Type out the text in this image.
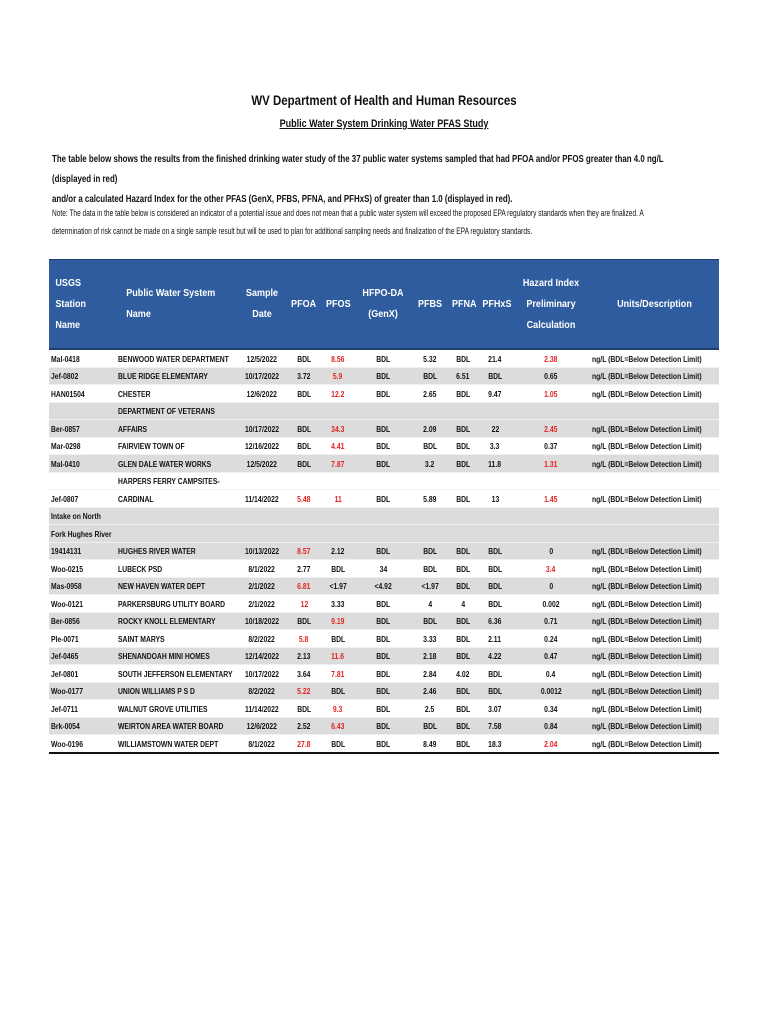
WV Department of Health and Human Resources
Public Water System Drinking Water PFAS Study
The table below shows the results from the finished drinking water study of the 37 public water systems sampled that had PFOA and/or PFOS greater than 4.0 ng/L (displayed in red)
and/or a calculated Hazard Index for the other PFAS (GenX, PFBS, PFNA, and PFHxS) of greater than 1.0 (displayed in red).
Note: The data in the table below is considered an indicator of a potential issue and does not mean that a public water system will exceed the proposed EPA regulatory standards when they are finalized. A
determination of risk cannot be made on a single sample result but will be used to plan for additional sampling needs and finalization of the EPA regulatory standards.
USGS Station Name	Public Water System Name	Sample Date	PFOA	PFOS	HFPO-DA (GenX)	PFBS	PFNA	PFHxS	Hazard Index Preliminary Calculation	Units/Description
Mal-0418	BENWOOD WATER DEPARTMENT	12/5/2022	BDL	8.56	BDL	5.32	BDL	21.4	2.38	ng/L (BDL=Below Detection Limit)
Jef-0802	BLUE RIDGE ELEMENTARY	10/17/2022	3.72	5.9	BDL	BDL	6.51	BDL	0.65	ng/L (BDL=Below Detection Limit)
HAN01504	CHESTER	12/6/2022	BDL	12.2	BDL	2.65	BDL	9.47	1.05	ng/L (BDL=Below Detection Limit)
	DEPARTMENT OF VETERANS									
Ber-0857	AFFAIRS	10/17/2022	BDL	34.3	BDL	2.09	BDL	22	2.45	ng/L (BDL=Below Detection Limit)
Mar-0298	FAIRVIEW TOWN OF	12/16/2022	BDL	4.41	BDL	BDL	BDL	3.3	0.37	ng/L (BDL=Below Detection Limit)
Mal-0410	GLEN DALE WATER WORKS	12/5/2022	BDL	7.87	BDL	3.2	BDL	11.8	1.31	ng/L (BDL=Below Detection Limit)
	HARPERS FERRY CAMPSITES-									
Jef-0807	CARDINAL	11/14/2022	5.48	11	BDL	5.89	BDL	13	1.45	ng/L (BDL=Below Detection Limit)
Intake on North										
Fork Hughes River										
19414131	HUGHES RIVER WATER	10/13/2022	8.57	2.12	BDL	BDL	BDL	BDL	0	ng/L (BDL=Below Detection Limit)
Woo-0215	LUBECK PSD	8/1/2022	2.77	BDL	34	BDL	BDL	BDL	3.4	ng/L (BDL=Below Detection Limit)
Mas-0958	NEW HAVEN WATER DEPT	2/1/2022	6.81	<1.97	<4.92	<1.97	BDL	BDL	0	ng/L (BDL=Below Detection Limit)
Woo-0121	PARKERSBURG UTILITY BOARD	2/1/2022	12	3.33	BDL	4	4	BDL	0.002	ng/L (BDL=Below Detection Limit)
Ber-0856	ROCKY KNOLL ELEMENTARY	10/18/2022	BDL	9.19	BDL	BDL	BDL	6.36	0.71	ng/L (BDL=Below Detection Limit)
Ple-0071	SAINT MARYS	8/2/2022	5.8	BDL	BDL	3.33	BDL	2.11	0.24	ng/L (BDL=Below Detection Limit)
Jef-0465	SHENANDOAH MINI HOMES	12/14/2022	2.13	11.6	BDL	2.18	BDL	4.22	0.47	ng/L (BDL=Below Detection Limit)
Jef-0801	SOUTH JEFFERSON ELEMENTARY	10/17/2022	3.64	7.81	BDL	2.84	4.02	BDL	0.4	ng/L (BDL=Below Detection Limit)
Woo-0177	UNION WILLIAMS P S D	8/2/2022	5.22	BDL	BDL	2.46	BDL	BDL	0.0012	ng/L (BDL=Below Detection Limit)
Jef-0711	WALNUT GROVE UTILITIES	11/14/2022	BDL	9.3	BDL	2.5	BDL	3.07	0.34	ng/L (BDL=Below Detection Limit)
Brk-0054	WEIRTON AREA WATER BOARD	12/6/2022	2.52	6.43	BDL	BDL	BDL	7.58	0.84	ng/L (BDL=Below Detection Limit)
Woo-0196	WILLIAMSTOWN WATER DEPT	8/1/2022	27.8	BDL	BDL	8.49	BDL	18.3	2.04	ng/L (BDL=Below Detection Limit)
